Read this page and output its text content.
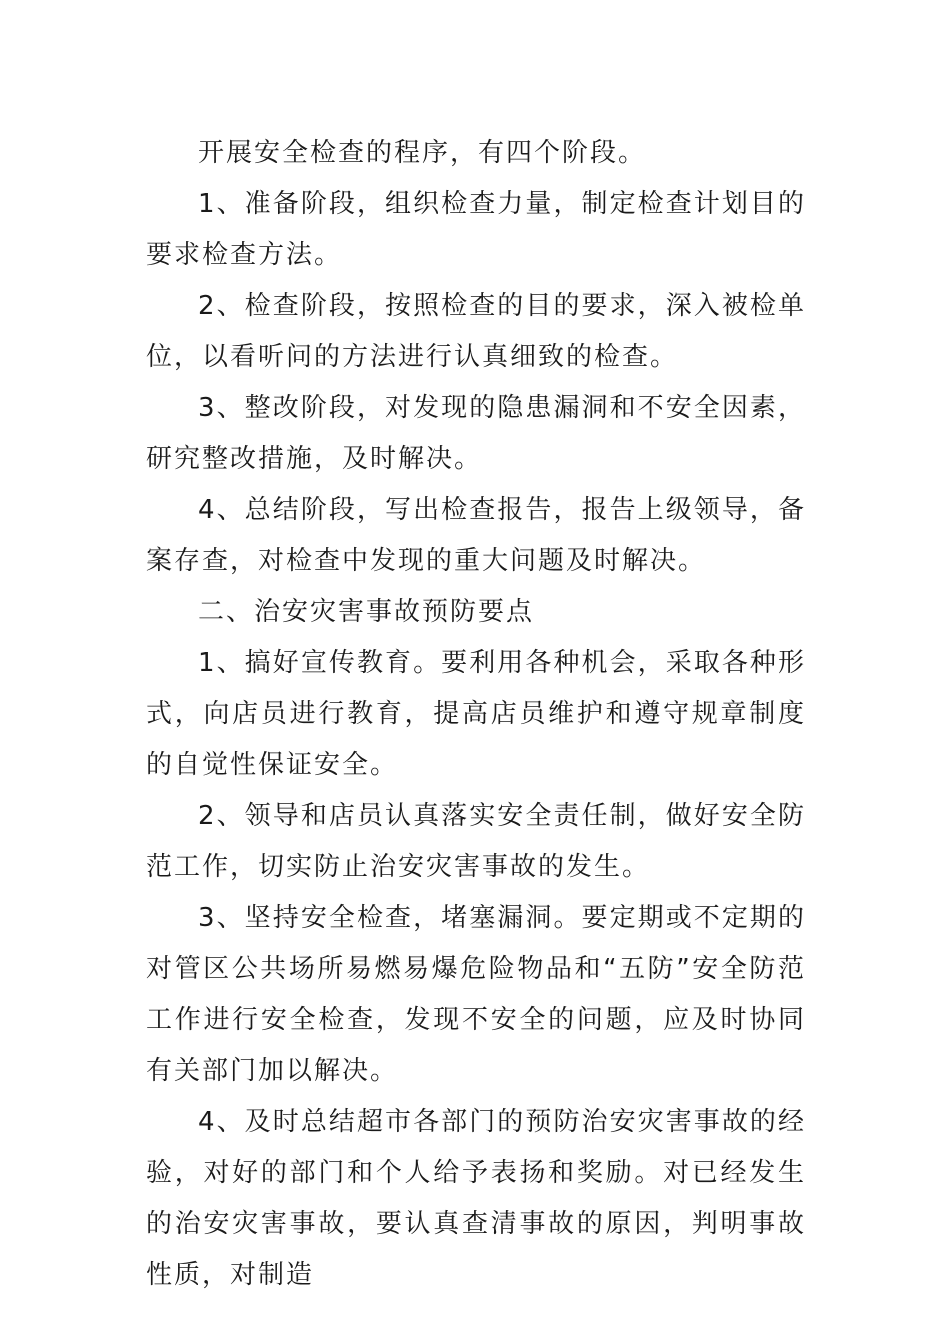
开展安全检查的程序，有四个阶段。

1、准备阶段，组织检查力量，制定检查计划目的要求检查方法。

2、检查阶段，按照检查的目的要求，深入被检单位，以看听问的方法进行认真细致的检查。

3、整改阶段，对发现的隐患漏洞和不安全因素，研究整改措施，及时解决。

4、总结阶段，写出检查报告，报告上级领导，备案存查，对检查中发现的重大问题及时解决。

二、治安灾害事故预防要点

1、搞好宣传教育。要利用各种机会，采取各种形式，向店员进行教育，提高店员维护和遵守规章制度的自觉性保证安全。

2、领导和店员认真落实安全责任制，做好安全防范工作，切实防止治安灾害事故的发生。

3、坚持安全检查，堵塞漏洞。要定期或不定期的对管区公共场所易燃易爆危险物品和“五防”安全防范工作进行安全检查，发现不安全的问题，应及时协同有关部门加以解决。

4、及时总结超市各部门的预防治安灾害事故的经验，对好的部门和个人给予表扬和奖励。对已经发生的治安灾害事故，要认真查清事故的原因，判明事故性质，对制造
